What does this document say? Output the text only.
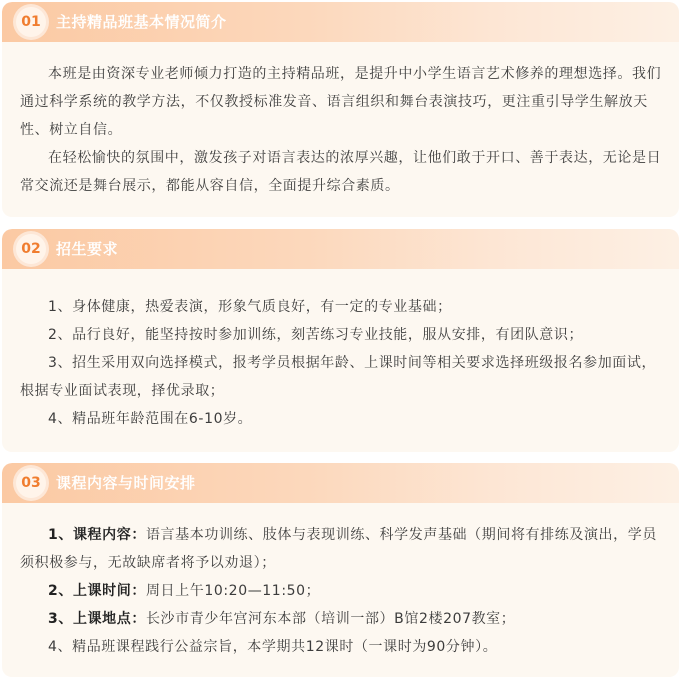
01	主持精品班基本情况简介

本班是由资深专业老师倾力打造的主持精品班，是提升中小学生语言艺术修养的理想选择。我们通过科学系统的教学方法，不仅教授标准发音、语言组织和舞台表演技巧，更注重引导学生解放天性、树立自信。

在轻松愉快的氛围中，激发孩子对语言表达的浓厚兴趣，让他们敢于开口、善于表达，无论是日常交流还是舞台展示，都能从容自信，全面提升综合素质。

02	招生要求

1、身体健康，热爱表演，形象气质良好，有一定的专业基础；

2、品行良好，能坚持按时参加训练，刻苦练习专业技能，服从安排，有团队意识；

3、招生采用双向选择模式，报考学员根据年龄、上课时间等相关要求选择班级报名参加面试，根据专业面试表现，择优录取；

4、精品班年龄范围在6-10岁。

03	课程内容与时间安排

1、课程内容：语言基本功训练、肢体与表现训练、科学发声基础（期间将有排练及演出，学员须积极参与，无故缺席者将予以劝退）；

2、上课时间：周日上午10:20—11:50；

3、上课地点：长沙市青少年宫河东本部（培训一部）B馆2楼207教室；

4、精品班课程践行公益宗旨，本学期共12课时（一课时为90分钟）。
